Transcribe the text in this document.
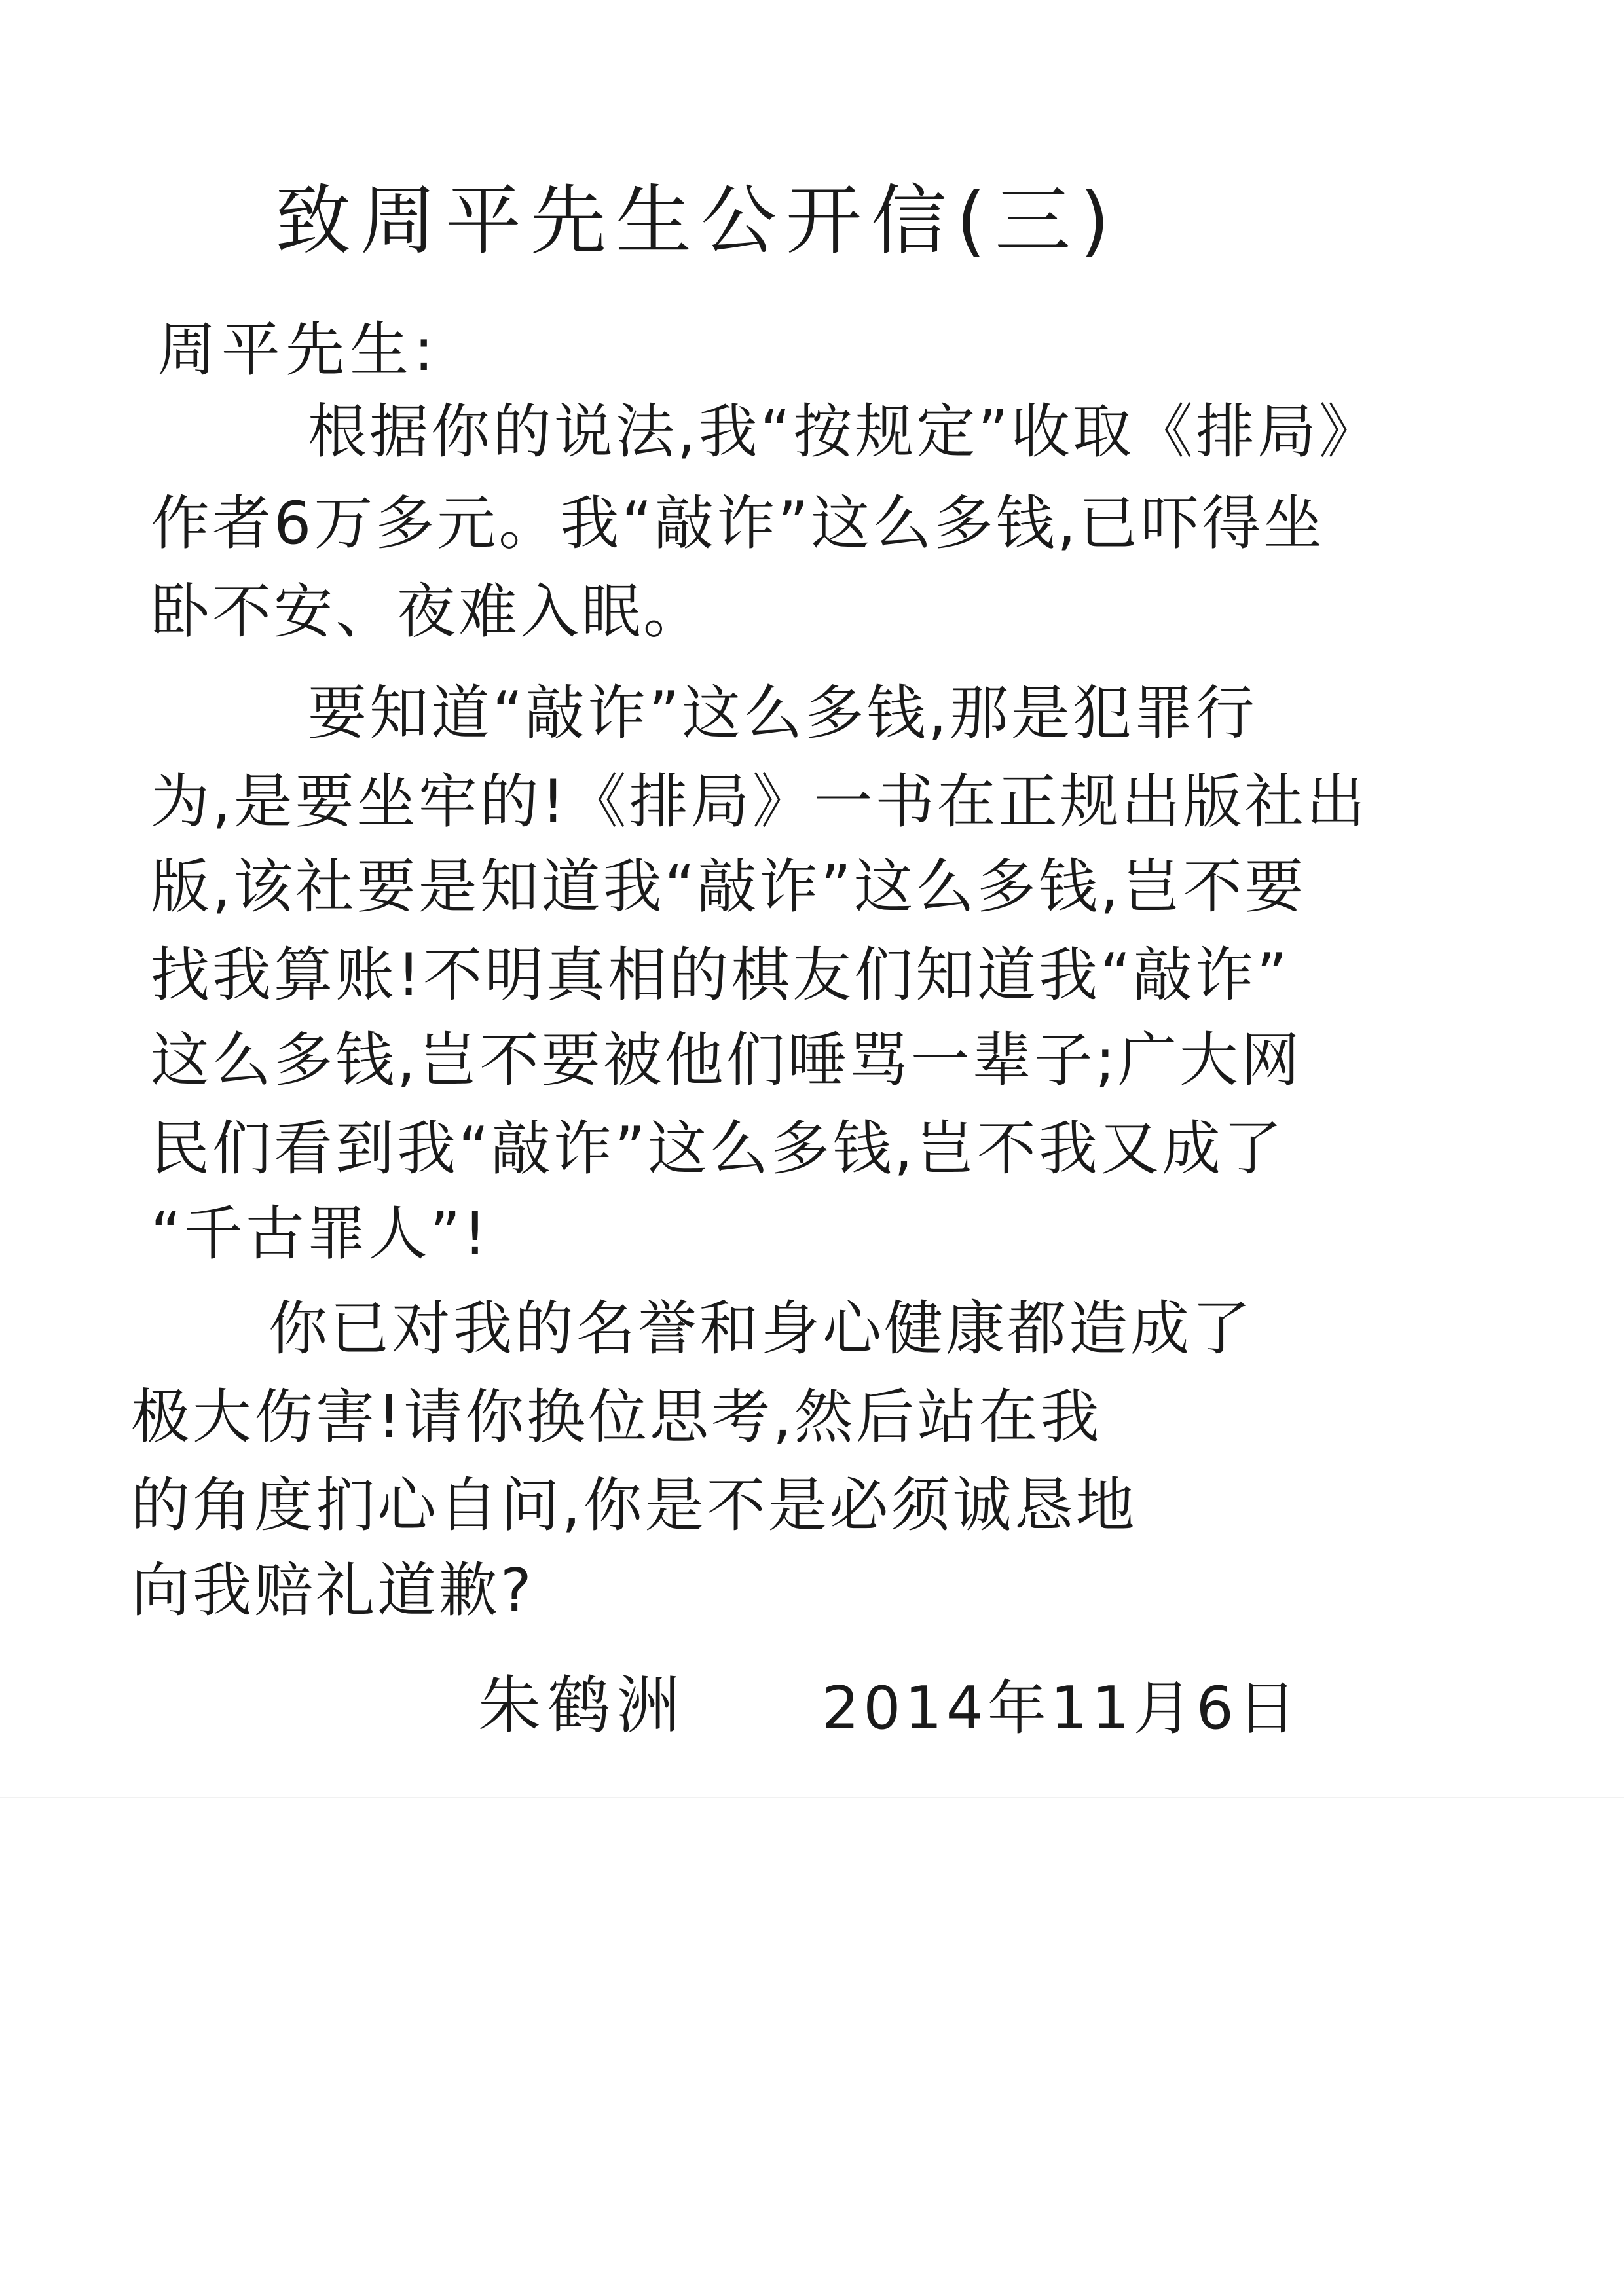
致周平先生公开信(三)
周平先生:
根据你的说法,我“按规定”收取《排局》
作者6万多元。我“敲诈”这么多钱,已吓得坐
卧不安、夜难入眠。
要知道“敲诈”这么多钱,那是犯罪行
为,是要坐牢的!《排局》一书在正规出版社出
版,该社要是知道我“敲诈”这么多钱,岂不要
找我算账!不明真相的棋友们知道我“敲诈”
这么多钱,岂不要被他们唾骂一辈子;广大网
民们看到我“敲诈”这么多钱,岂不我又成了
“千古罪人”!
你已对我的名誉和身心健康都造成了
极大伤害!请你换位思考,然后站在我
的角度扪心自问,你是不是必须诚恳地
向我赔礼道歉?
朱鹤洲 2014年11月6日
